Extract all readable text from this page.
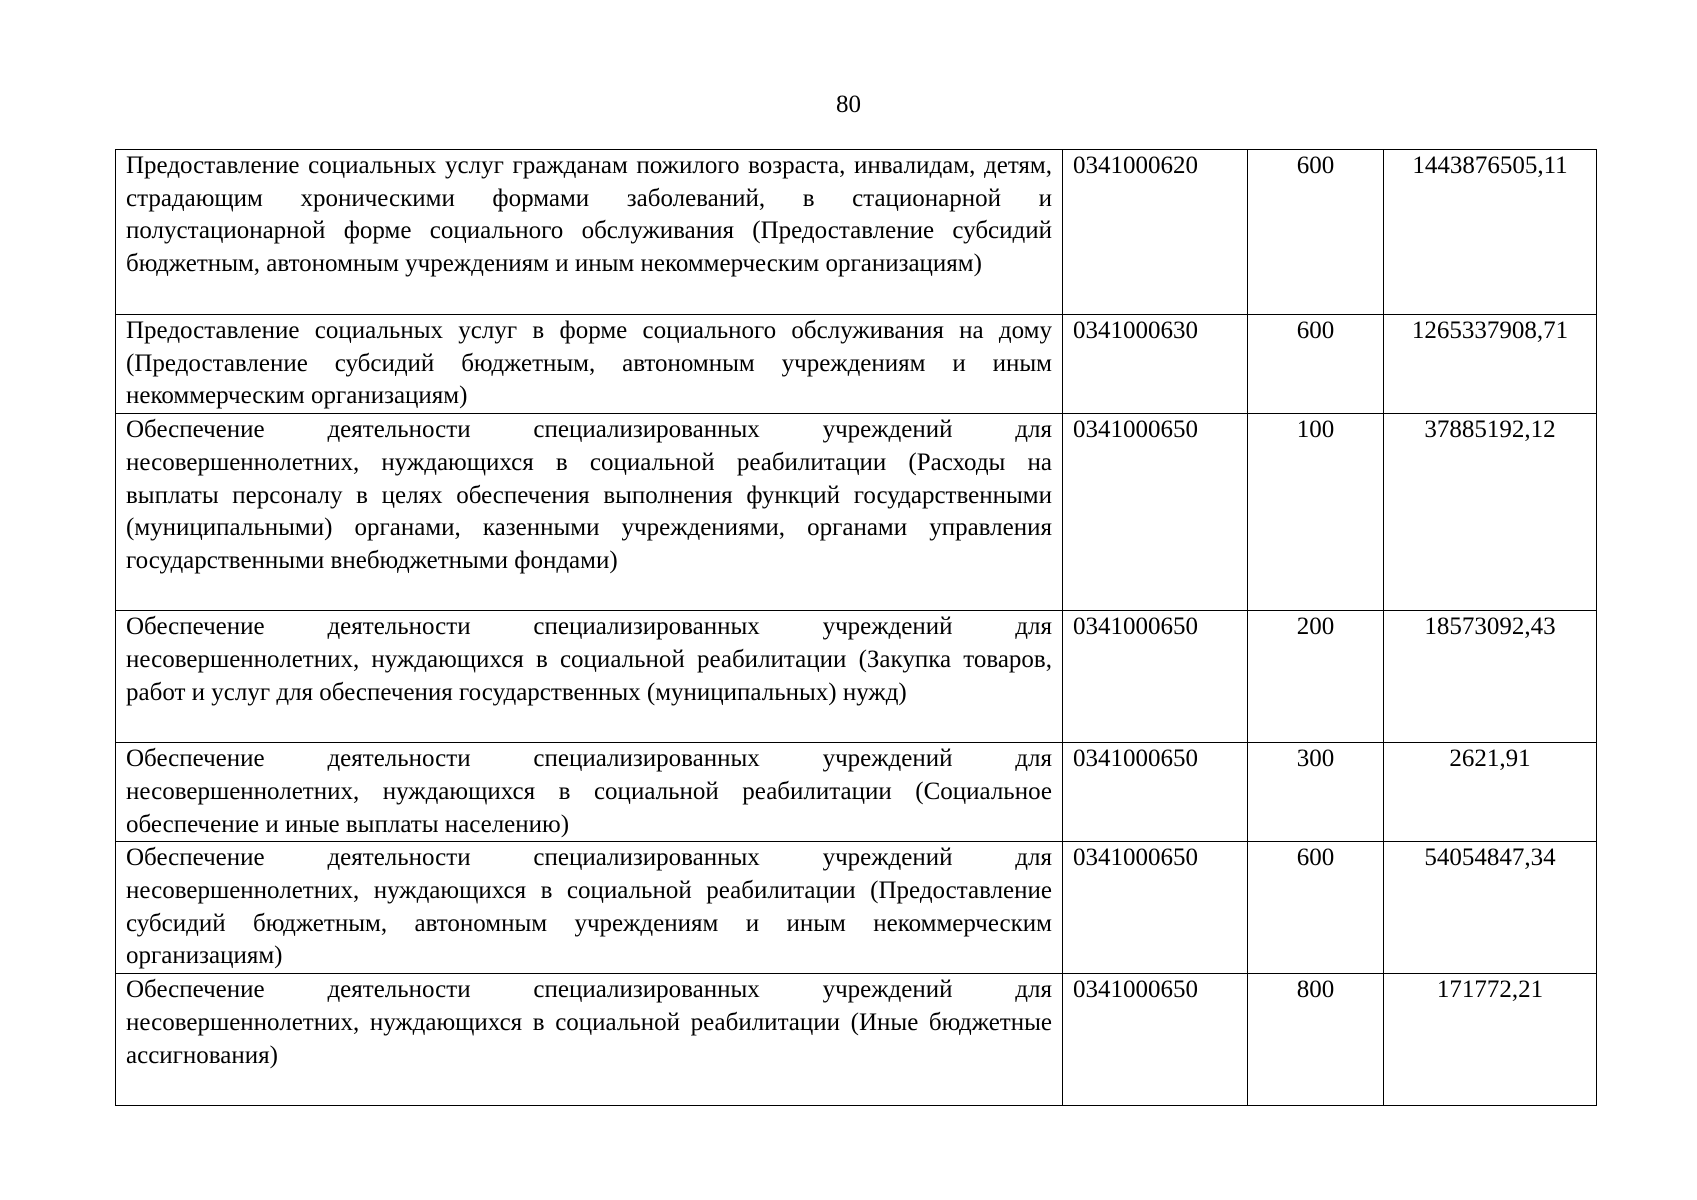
80
Предоставление социальных услуг гражданам пожилого возраста, инвалидам, детям, страдающим хроническими формами заболеваний, в стационарной и полустационарной форме социального обслуживания (Предоставление субсидий бюджетным, автономным учреждениям и иным некоммерческим организациям)	0341000620	600	1443876505,11
Предоставление социальных услуг в форме социального обслуживания на дому (Предоставление субсидий бюджетным, автономным учреждениям и иным некоммерческим организациям)	0341000630	600	1265337908,71
Обеспечение деятельности специализированных учреждений для несовершеннолетних, нуждающихся в социальной реабилитации (Расходы на выплаты персоналу в целях обеспечения выполнения функций государственными (муниципальными) органами, казенными учреждениями, органами управления государственными внебюджетными фондами)	0341000650	100	37885192,12
Обеспечение деятельности специализированных учреждений для несовершеннолетних, нуждающихся в социальной реабилитации (Закупка товаров, работ и услуг для обеспечения государственных (муниципальных) нужд)	0341000650	200	18573092,43
Обеспечение деятельности специализированных учреждений для несовершеннолетних, нуждающихся в социальной реабилитации (Социальное обеспечение и иные выплаты населению)	0341000650	300	2621,91
Обеспечение деятельности специализированных учреждений для несовершеннолетних, нуждающихся в социальной реабилитации (Предоставление субсидий бюджетным, автономным учреждениям и иным некоммерческим организациям)	0341000650	600	54054847,34
Обеспечение деятельности специализированных учреждений для несовершеннолетних, нуждающихся в социальной реабилитации (Иные бюджетные ассигнования)	0341000650	800	171772,21
